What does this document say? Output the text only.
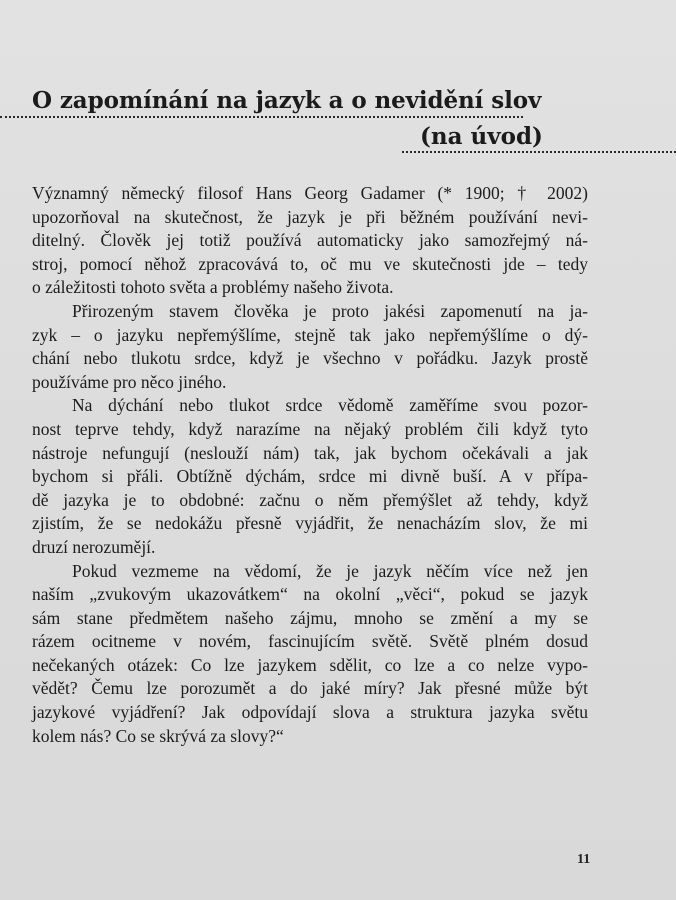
O zapomínání na jazyk a o nevidění slov
(na úvod)

Významný německý filosof Hans Georg Gadamer (* 1900; † 2002)
upozorňoval na skutečnost, že jazyk je při běžném používání nevi-
ditelný. Člověk jej totiž používá automaticky jako samozřejmý ná-
stroj, pomocí něhož zpracovává to, oč mu ve skutečnosti jde – tedy
o záležitosti tohoto světa a problémy našeho života.

Přirozeným stavem člověka je proto jakési zapomenutí na ja-
zyk – o jazyku nepřemýšlíme, stejně tak jako nepřemýšlíme o dý-
chání nebo tlukotu srdce, když je všechno v pořádku. Jazyk prostě
používáme pro něco jiného.

Na dýchání nebo tlukot srdce vědomě zaměříme svou pozor-
nost teprve tehdy, když narazíme na nějaký problém čili když tyto
nástroje nefungují (neslouží nám) tak, jak bychom očekávali a jak
bychom si přáli. Obtížně dýchám, srdce mi divně buší. A v přípa-
dě jazyka je to obdobné: začnu o něm přemýšlet až tehdy, když
zjistím, že se nedokážu přesně vyjádřit, že nenacházím slov, že mi
druzí nerozumějí.

Pokud vezmeme na vědomí, že je jazyk něčím více než jen
naším „zvukovým ukazovátkem“ na okolní „věci“, pokud se jazyk
sám stane předmětem našeho zájmu, mnoho se změní a my se
rázem ocitneme v novém, fascinujícím světě. Světě plném dosud
nečekaných otázek: Co lze jazykem sdělit, co lze a co nelze vypo-
vědět? Čemu lze porozumět a do jaké míry? Jak přesné může být
jazykové vyjádření? Jak odpovídají slova a struktura jazyka světu
kolem nás? Co se skrývá za slovy?“

11
